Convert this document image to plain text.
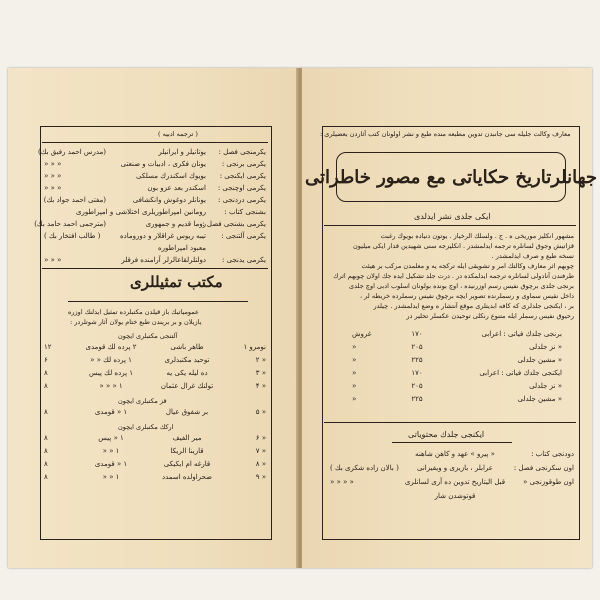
( ترجمه ادبیه )
یکرمنجی فصل :یوتانیلر و ایرانیلر(مدرس احمد رفیق بك)
یکرمی برنجی :یونان فکری ، ادبیات و صنعتی« « «
یکرمی ایکنجی :بویوك اسکندرك مسلکی« « «
یکرمی اوچنجی :اسکندر بعد عزو بون« « «
یکرمی دردنجی :یونانلر دوغوش وانکشافی(مفتی احمد جواد بك)
بشنجی کتاب :رومانین امپراطوریلری اختلاشی و امپراطوری
یکرمی بشنجی فصل :روما قدیم و جمهوری(مترجمی احمد حامد بك)
یکرمی آلتنجی :تیبه ریوس غراقلار و دوروماده( طالب افتخار بك )
معبود امپراطوره
یکرمی یدنجی :دولتلرلقاعالرلر آرامنده فرقلر« « «
مکتب تمثیللری
عمومیاتیك باز قیلدن مکتبلرده تمثیل ایدلنك اوزره
یازیلان و بر بریندن طبع ختام یولان آثار شوتلردر :
آلتنجی مکتبلری ایچون
نومرو ۱طاهر باشی۲ پرده لك قومدی۱۲
« ۲توحید مکتبدلری۱ پرده لك « «۶
« ۳ده لیله یکی یه۱ پرده لك پیس۸
« ۴تولنك غرال عثمان۱ « « «۸
قز مکتبلری ایچون
« ۵بر شفوق عیال۱ « قومدی۸
ارکك مکتبلری ایچون
« ۶میر الفیف۱ « پیس۸
« ۷قارینا الریکا۱ « «۸
« ۸قارغه ام ایکیکی۱ « قومدی۸
« ۹صحراولده اسمدد۱ « «۸
معارف وکالت جلیله سی جانبدن تدوین مطبعه منده طبع و نشر اولونان کتب آثاردن بعضیلری :
جهانلرتاریخ حکایاتی مع مصور خاطراتی
ایکی جلدی نشر ایدلدی
مشهور انکلیز موریخی ه . ج . ولسلك الرخیاز . یوتون دنیاده بویوك رغبت
قزاتیش وجوق لسانلره ترجمه ایدلمشدر . انکلیزجه سنی شهیدین قدار ایکی میلیون
نسخه طبع و صرف ایدلمشدر .
چوبهم اثر معارف وکالتك امر و تشویقی ایله ترکجه یه و معلمدن مرکب بر هیئت
طرفندن آنادولی لسانلره ترجمه ایدلمکده در . درت جلد تشکیل ایده جك اولان چوبهم اثرك
برنجی جلدی برچوق نفیس رسم اوزرنیده ، اوچ بونده بولونان اسلوب ادبی اوچ جلدی
داخل نقیس سماوی و رسملرنده تصویر ایچه برچوق نفیس رسملرده خریطه لر ،
بر ، ایکنجی جلدلری که کافه ابدیتلری موقع آنتشار ه وضع ایدلمشدر . چیلدر
رحیوق نفیس رسملر ایله متنوع رنکلی توحیدن عکسلر تحلیر در
برنجی جلدك فیاتی : اعرابی۱۷۰غروش
« نز جلدلی۲۰۵«
« مشین جلدلی۲۲۵«
ایکنجی جلدك فیاتی : اعرابی۱۷۰«
« نز جلدلی۲۰۵«
« مشین جلدلی۲۲۵«
ایکنجی جلدك محتویاتی
دودنجی کتاب :« پیرو » عهد و کاهن شاهنه
اون سکزنجی فصل :عرابلر ، بازیزی و ویفیزانی( بالان زاده شکری بك )
اون طوقوزنجی «قبل الیتاریخ تدوین ده آری لسانلری« « « «
قوتوشدن شار
